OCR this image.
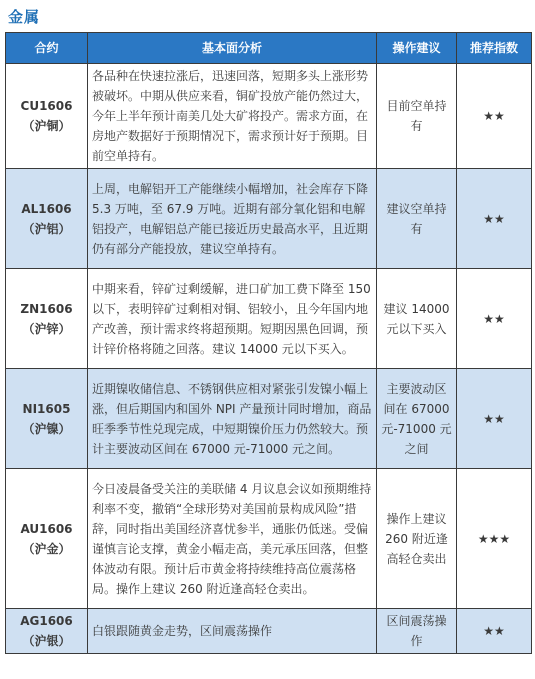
金属
合约	基本面分析	操作建议	推荐指数

CU1606
（沪铜）	各品种在快速拉涨后，迅速回落，短期多头上涨形势被破坏。中期从供应来看，铜矿投放产能仍然过大，今年上半年预计南美几处大矿将投产。需求方面，在房地产数据好于预期情况下，需求预计好于预期。目前空单持有。	目前空单持有	★★

AL1606
（沪铝）	上周，电解铝开工产能继续小幅增加，社会库存下降 5.3 万吨，至 67.9 万吨。近期有部分氧化铝和电解铝投产，电解铝总产能已接近历史最高水平，且近期仍有部分产能投放，建议空单持有。	建议空单持有	★★

ZN1606
（沪锌）	中期来看，锌矿过剩缓解，进口矿加工费下降至 150 以下，表明锌矿过剩相对铜、铝较小，且今年国内地产改善，预计需求终将超预期。短期因黑色回调，预计锌价格将随之回落。建议 14000 元以下买入。	建议 14000 元以下买入	★★

NI1605
（沪镍）	近期镍收储信息、不锈钢供应相对紧张引发镍小幅上涨，但后期国内和国外 NPI 产量预计同时增加，商品旺季季节性兑现完成，中短期镍价压力仍然较大。预计主要波动区间在 67000 元-71000 元之间。	主要波动区间在 67000 元-71000 元之间	★★

AU1606
（沪金）	今日凌晨备受关注的美联储 4 月议息会议如预期维持利率不变，撤销“全球形势对美国前景构成风险”措辞，同时指出美国经济喜忧参半，通胀仍低迷。受偏谨慎言论支撑，黄金小幅走高，美元承压回落，但整体波动有限。预计后市黄金将持续维持高位震荡格局。操作上建议 260 附近逢高轻仓卖出。	操作上建议 260 附近逢高轻仓卖出	★★★

AG1606
（沪银）	白银跟随黄金走势，区间震荡操作	区间震荡操作	★★
